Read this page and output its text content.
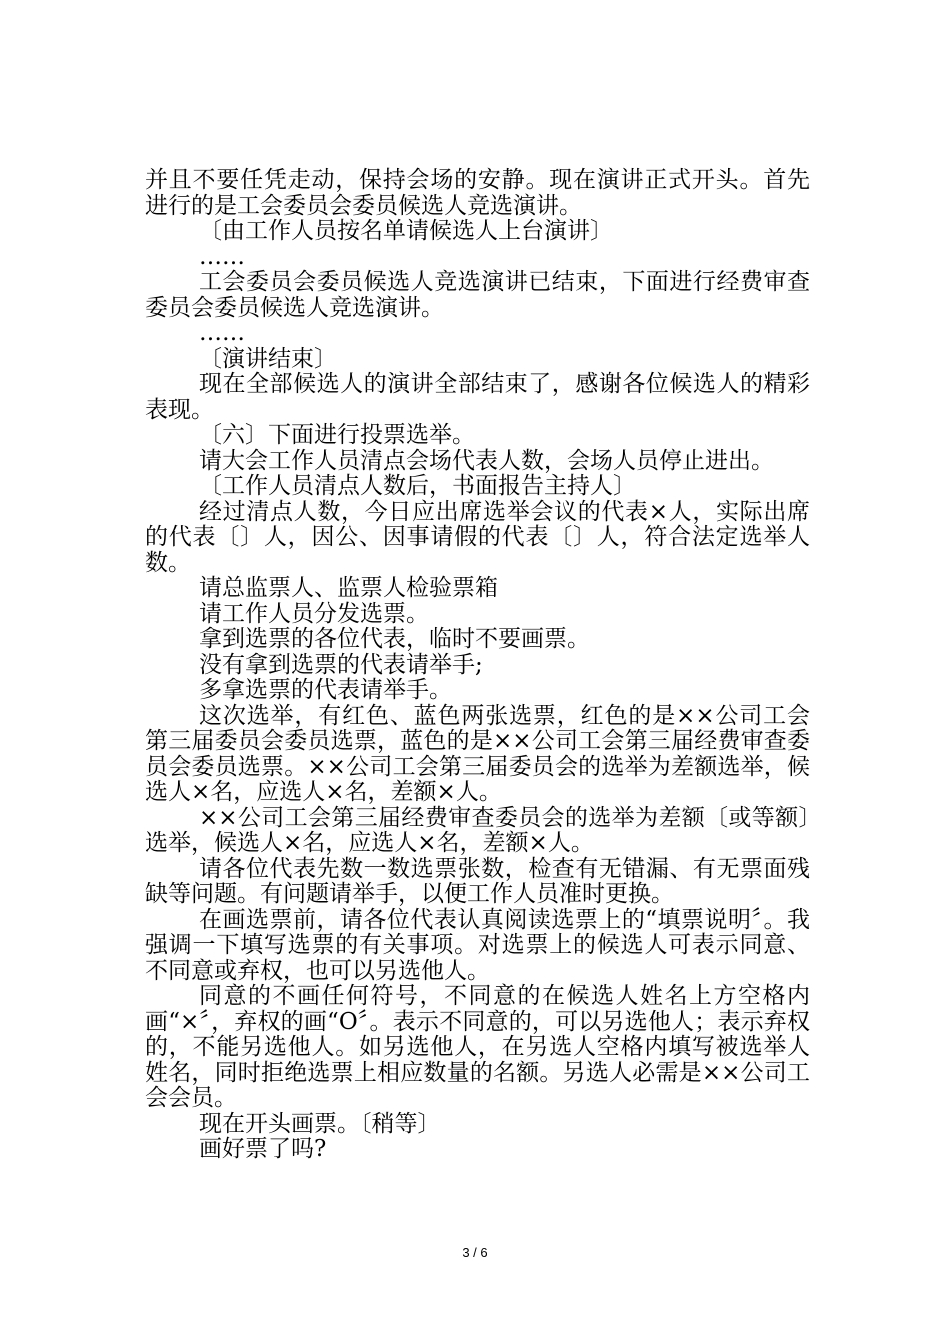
并且不要任凭走动，保持会场的安静。现在演讲正式开头。首先进行的是工会委员会委员候选人竞选演讲。

〔由工作人员按名单请候选人上台演讲〕

……

工会委员会委员候选人竞选演讲已结束，下面进行经费审查委员会委员候选人竞选演讲。

……

〔演讲结束〕

现在全部候选人的演讲全部结束了，感谢各位候选人的精彩表现。

〔六〕下面进行投票选举。

请大会工作人员清点会场代表人数，会场人员停止进出。

〔工作人员清点人数后，书面报告主持人〕

经过清点人数，今日应出席选举会议的代表×人，实际出席的代表〔〕人，因公、因事请假的代表〔〕人，符合法定选举人数。

请总监票人、监票人检验票箱

请工作人员分发选票。

拿到选票的各位代表，临时不要画票。

没有拿到选票的代表请举手;

多拿选票的代表请举手。

这次选举，有红色、蓝色两张选票，红色的是××公司工会第三届委员会委员选票，蓝色的是××公司工会第三届经费审查委员会委员选票。××公司工会第三届委员会的选举为差额选举，候选人×名，应选人×名，差额×人。

××公司工会第三届经费审查委员会的选举为差额〔或等额〕选举，候选人×名，应选人×名，差额×人。

请各位代表先数一数选票张数，检查有无错漏、有无票面残缺等问题。有问题请举手，以便工作人员准时更换。

在画选票前，请各位代表认真阅读选票上的“填票说明〞。我强调一下填写选票的有关事项。对选票上的候选人可表示同意、不同意或弃权，也可以另选他人。

同意的不画任何符号，不同意的在候选人姓名上方空格内画“×〞，弃权的画“O〞。表示不同意的，可以另选他人；表示弃权的，不能另选他人。如另选他人，在另选人空格内填写被选举人姓名，同时拒绝选票上相应数量的名额。另选人必需是××公司工会会员。

现在开头画票。〔稍等〕

画好票了吗?

3 / 6
